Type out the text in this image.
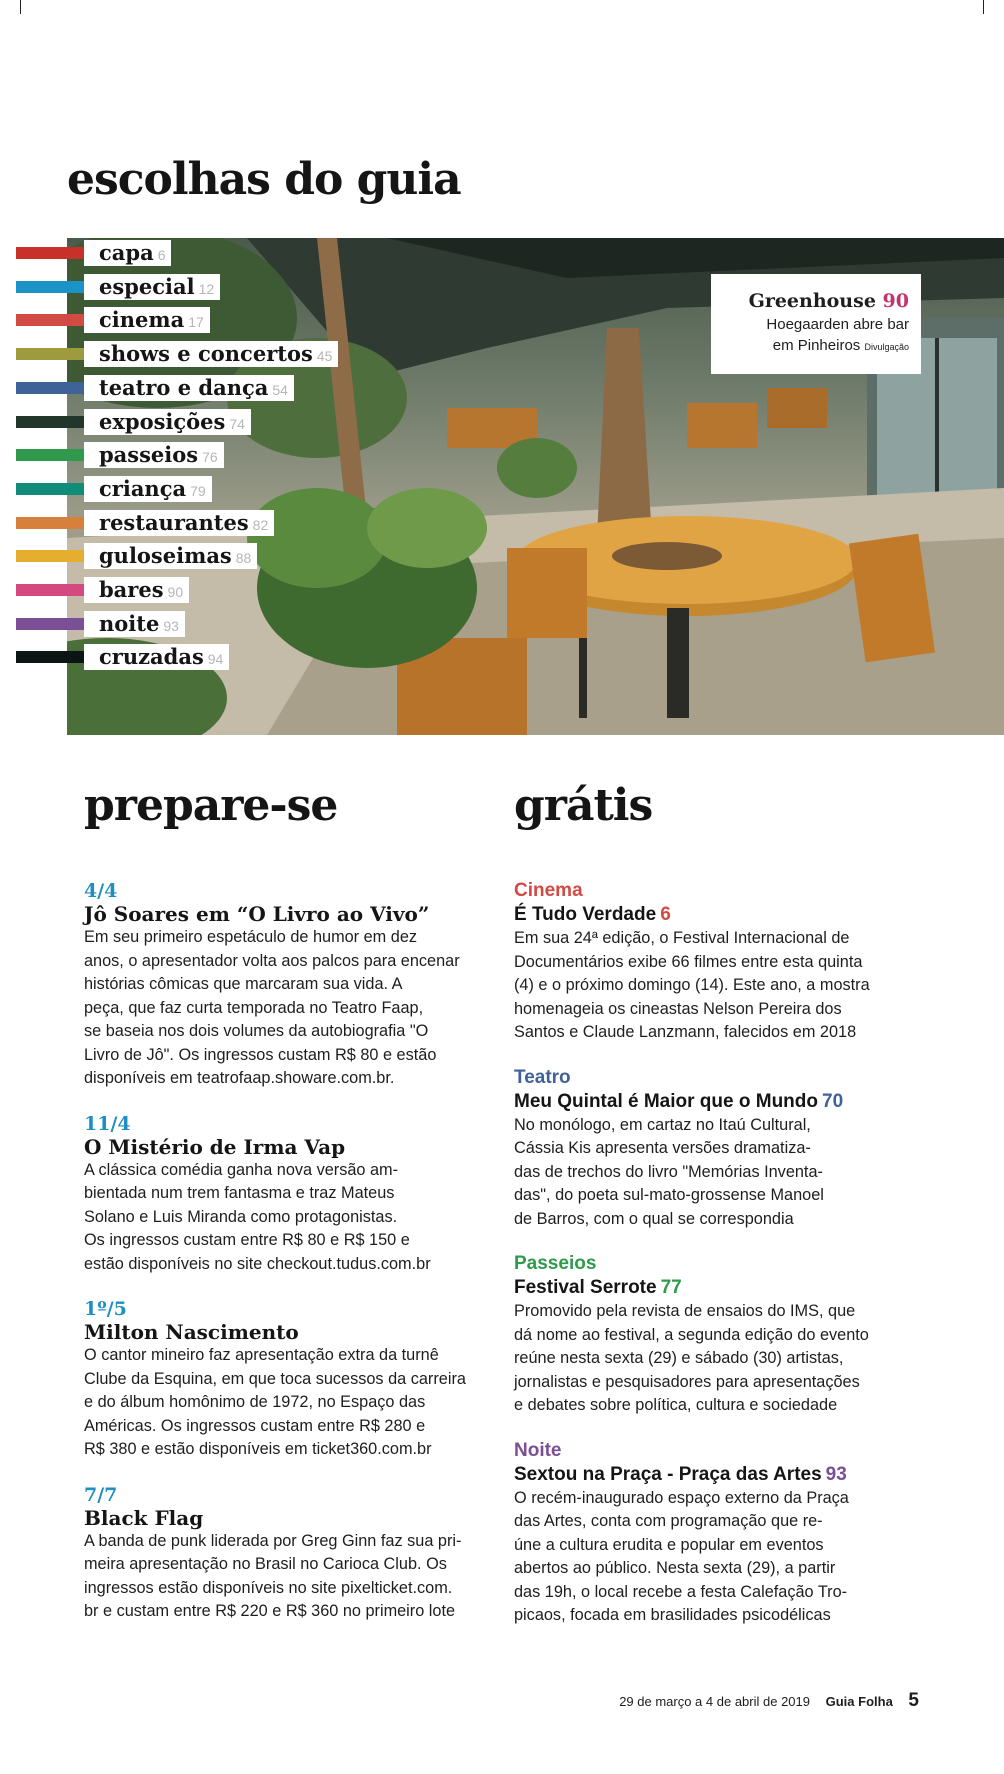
escolhas do guia
Greenhouse 90
Hoegaarden abre bar
em Pinheiros Divulgação
capa 6
especial 12
cinema 17
shows e concertos 45
teatro e dança 54
exposições 74
passeios 76
criança 79
restaurantes 82
guloseimas 88
bares 90
noite 93
cruzadas 94
prepare-se
4/4
Jô Soares em “O Livro ao Vivo”
Em seu primeiro espetáculo de humor em dez
anos, o apresentador volta aos palcos para encenar
histórias cômicas que marcaram sua vida. A
peça, que faz curta temporada no Teatro Faap,
se baseia nos dois volumes da autobiografia "O
Livro de Jô". Os ingressos custam R$ 80 e estão
disponíveis em teatrofaap.showare.com.br.
11/4
O Mistério de Irma Vap
A clássica comédia ganha nova versão am-
bientada num trem fantasma e traz Mateus
Solano e Luis Miranda como protagonistas.
Os ingressos custam entre R$ 80 e R$ 150 e
estão disponíveis no site checkout.tudus.com.br
1º/5
Milton Nascimento
O cantor mineiro faz apresentação extra da turnê
Clube da Esquina, em que toca sucessos da carreira
e do álbum homônimo de 1972, no Espaço das
Américas. Os ingressos custam entre R$ 280 e
R$ 380 e estão disponíveis em ticket360.com.br
7/7
Black Flag
A banda de punk liderada por Greg Ginn faz sua pri-
meira apresentação no Brasil no Carioca Club. Os
ingressos estão disponíveis no site pixelticket.com.
br e custam entre R$ 220 e R$ 360 no primeiro lote
grátis
Cinema
É Tudo Verdade 6
Em sua 24ª edição, o Festival Internacional de
Documentários exibe 66 filmes entre esta quinta
(4) e o próximo domingo (14). Este ano, a mostra
homenageia os cineastas Nelson Pereira dos
Santos e Claude Lanzmann, falecidos em 2018
Teatro
Meu Quintal é Maior que o Mundo 70
No monólogo, em cartaz no Itaú Cultural,
Cássia Kis apresenta versões dramatiza-
das de trechos do livro "Memórias Inventa-
das", do poeta sul-mato-grossense Manoel
de Barros, com o qual se correspondia
Passeios
Festival Serrote 77
Promovido pela revista de ensaios do IMS, que
dá nome ao festival, a segunda edição do evento
reúne nesta sexta (29) e sábado (30) artistas,
jornalistas e pesquisadores para apresentações
e debates sobre política, cultura e sociedade
Noite
Sextou na Praça - Praça das Artes 93
O recém-inaugurado espaço externo da Praça
das Artes, conta com programação que re-
úne a cultura erudita e popular em eventos
abertos ao público. Nesta sexta (29), a partir
das 19h, o local recebe a festa Calefação Tro-
picaos, focada em brasilidades psicodélicas
29 de março a 4 de abril de 2019 Guia Folha 5
